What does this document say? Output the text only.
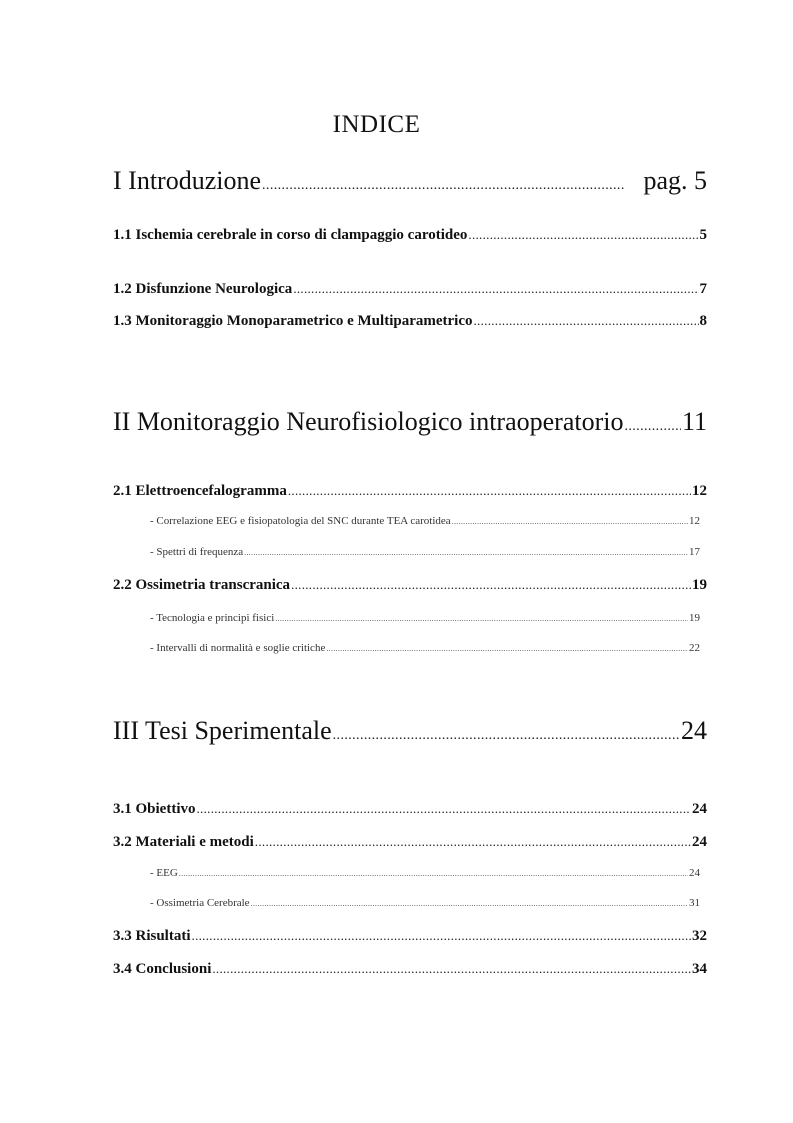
INDICE
I Introduzione .....	pag. 5
1.1 Ischemia cerebrale in corso di clampaggio carotideo .....	5
1.2 Disfunzione Neurologica .....	7
1.3 Monitoraggio Monoparametrico e Multiparametrico .....	8
II Monitoraggio Neurofisiologico intraoperatorio ..... 11
2.1 Elettroencefalogramma .....	12
- Correlazione EEG e fisiopatologia del SNC durante TEA carotidea .....	12
- Spettri di frequenza .....	17
2.2 Ossimetria transcranica .....	19
- Tecnologia e principi fisici .....	19
- Intervalli di normalità e soglie critiche .....	22
III Tesi Sperimentale .....	24
3.1 Obiettivo .....	24
3.2 Materiali e metodi .....	24
- EEG .....	24
- Ossimetria Cerebrale .....	31
3.3 Risultati .....	32
3.4 Conclusioni .....	34
